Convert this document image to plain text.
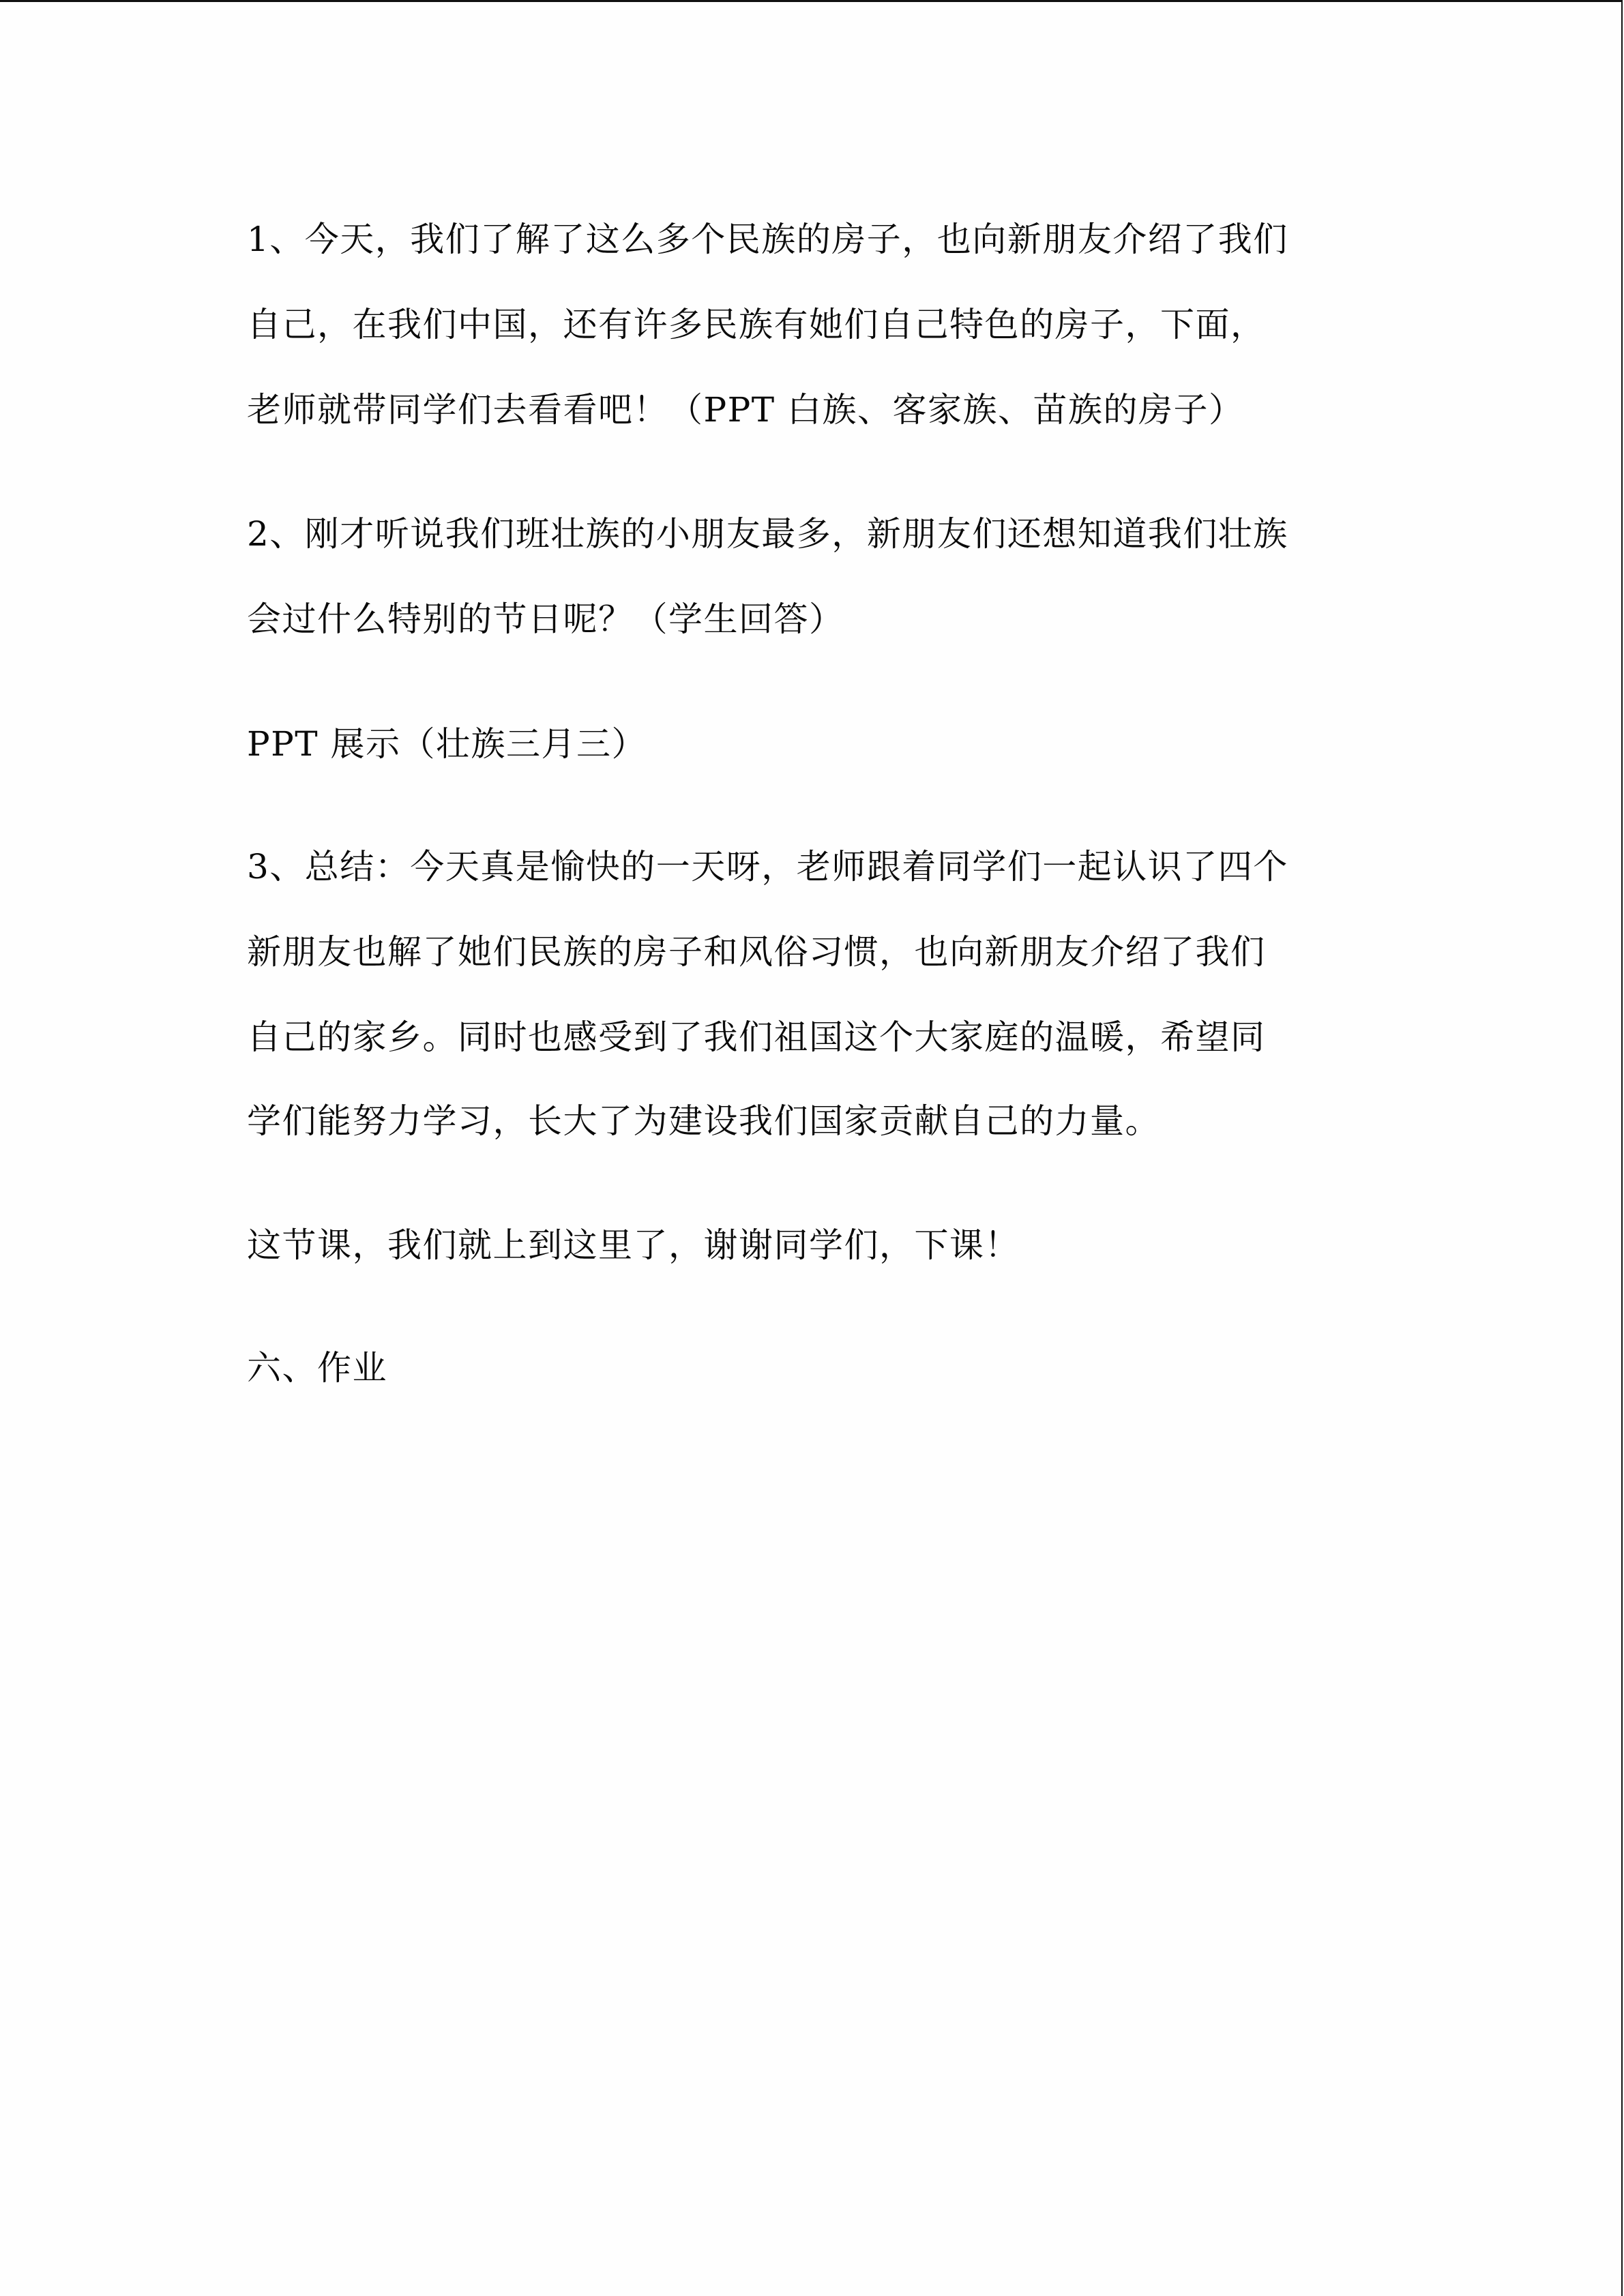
1、今天，我们了解了这么多个民族的房子，也向新朋友介绍了我们
自己，在我们中国，还有许多民族有她们自己特色的房子，下面，
老师就带同学们去看看吧！（PPT 白族、客家族、苗族的房子）
2、刚才听说我们班壮族的小朋友最多，新朋友们还想知道我们壮族
会过什么特别的节日呢？（学生回答）
PPT 展示（壮族三月三）
3、总结：今天真是愉快的一天呀，老师跟着同学们一起认识了四个
新朋友也解了她们民族的房子和风俗习惯，也向新朋友介绍了我们
自己的家乡。同时也感受到了我们祖国这个大家庭的温暖，希望同
学们能努力学习，长大了为建设我们国家贡献自己的力量。
这节课，我们就上到这里了，谢谢同学们，下课！
六、作业
